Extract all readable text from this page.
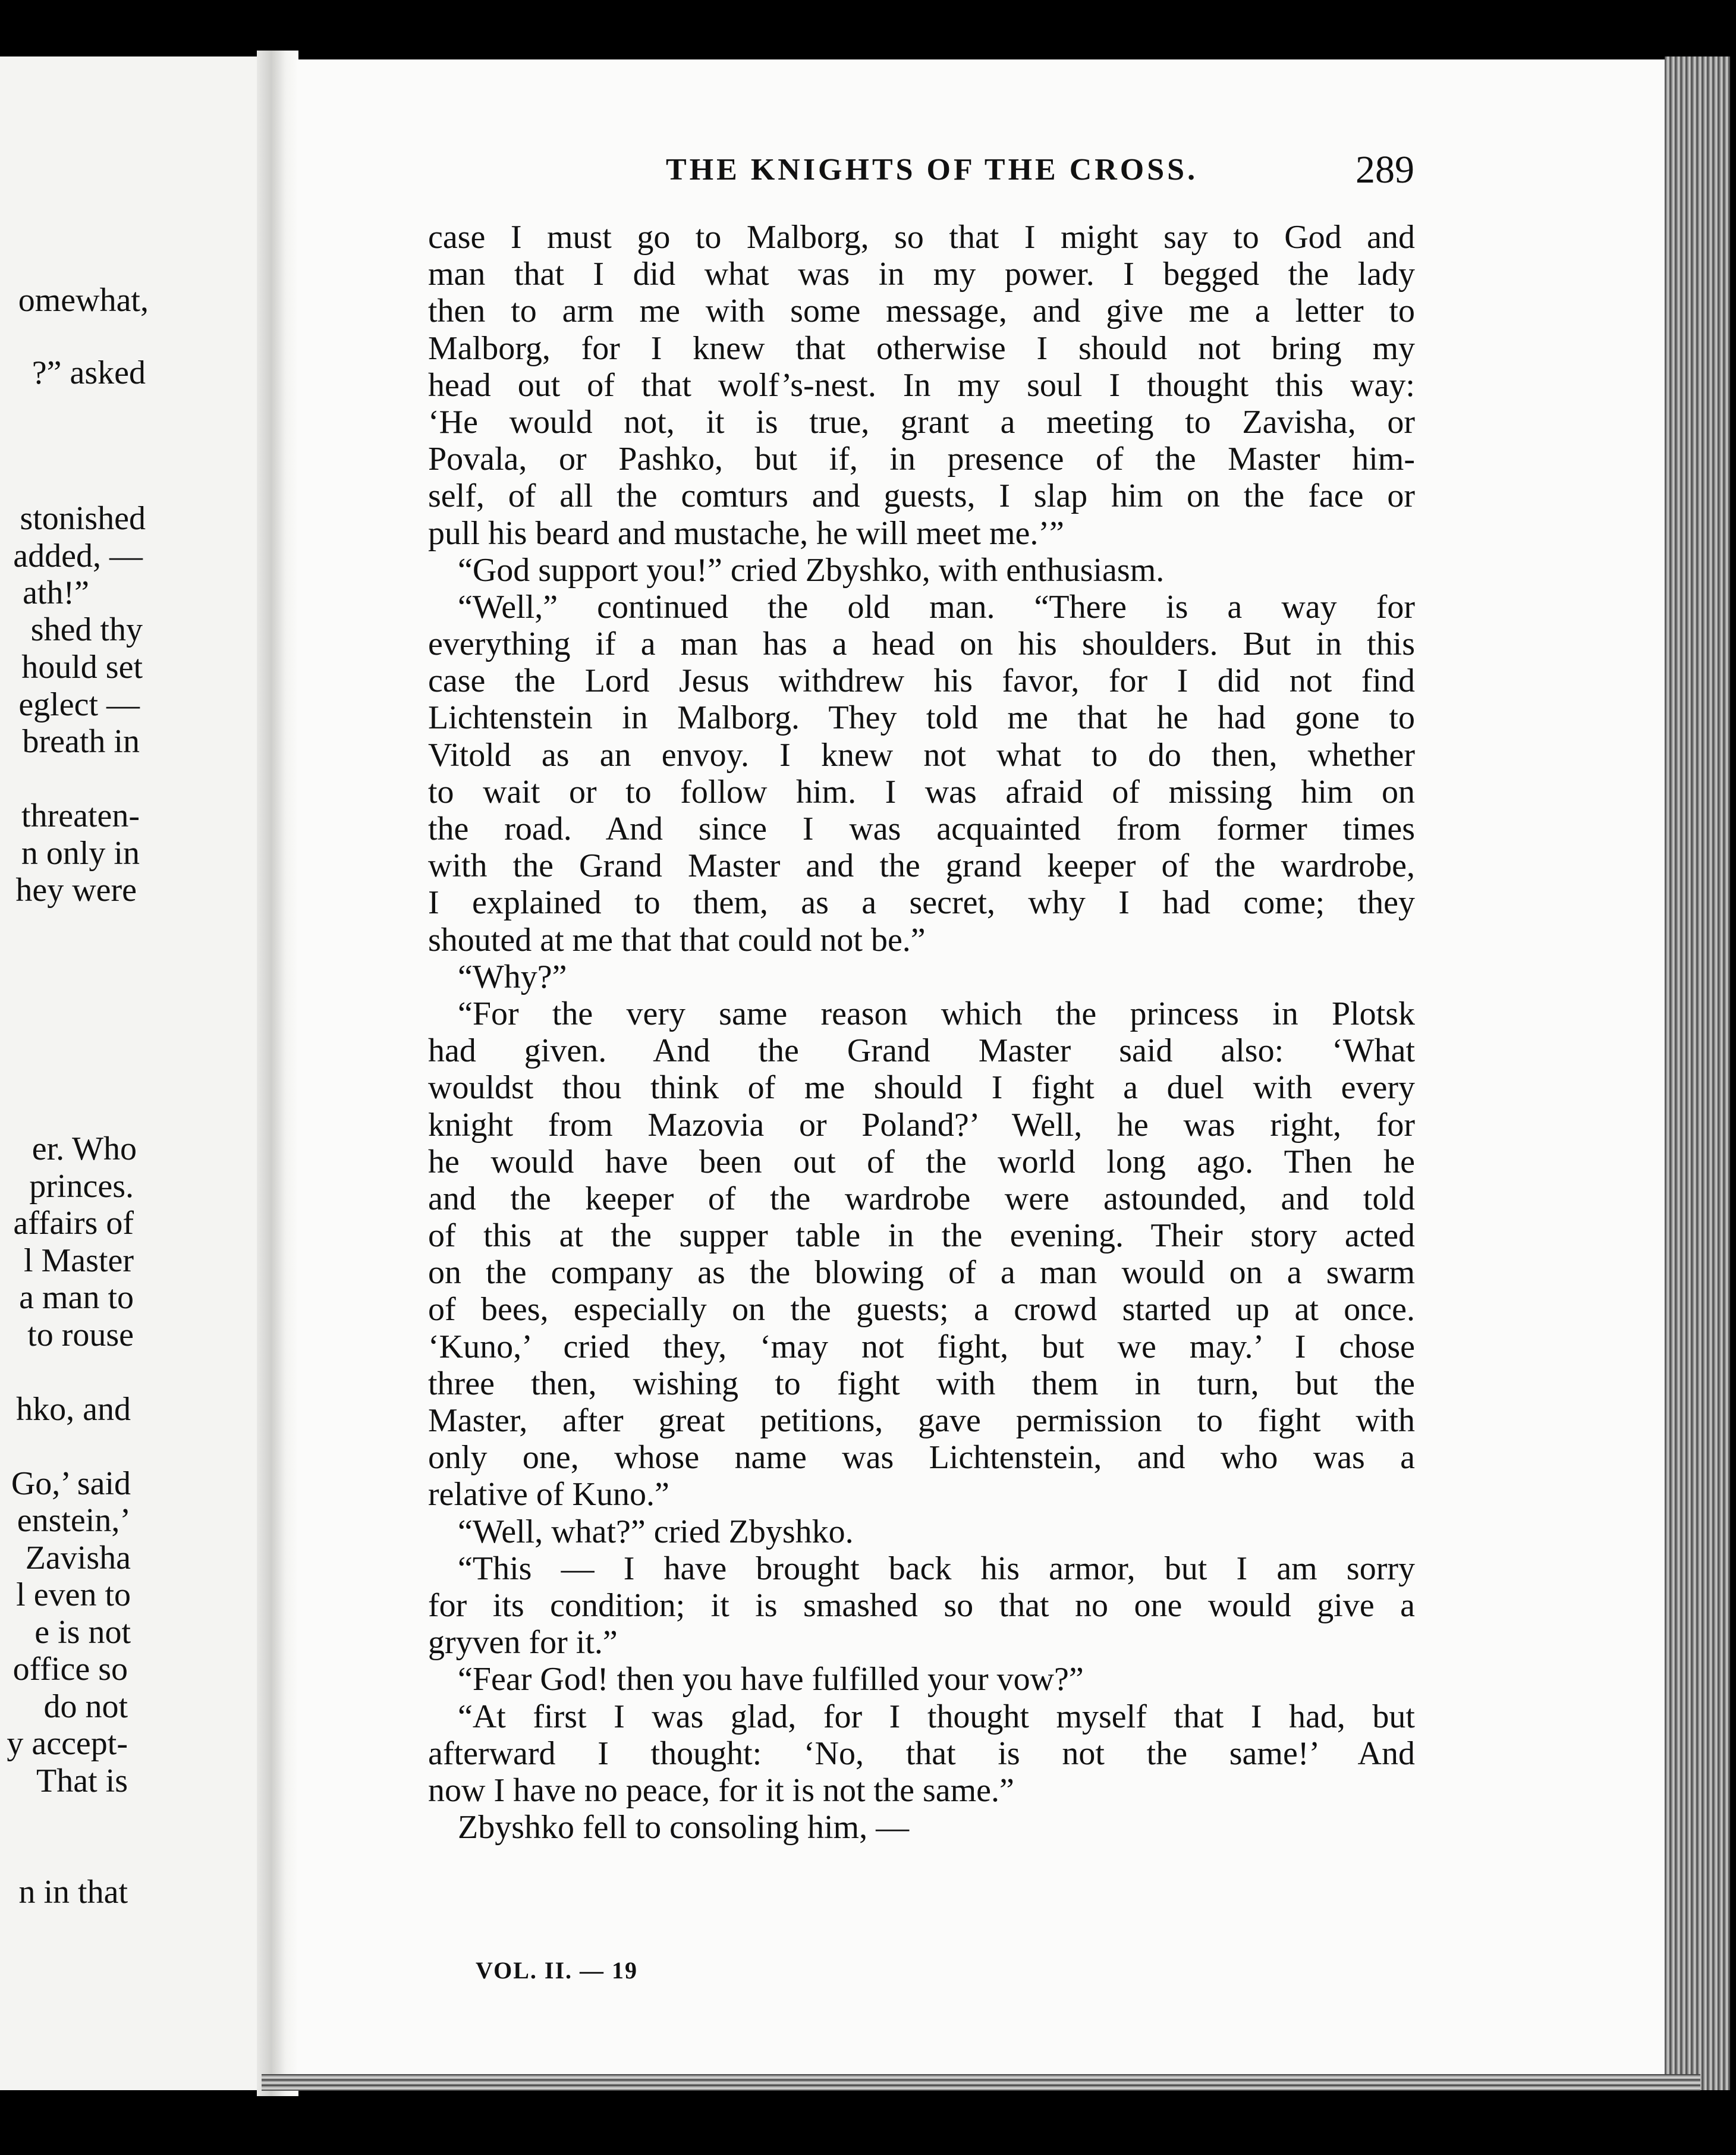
omewhat,
?” asked
stonished
added, —
ath!”
shed thy
hould set
eglect —
breath in
threaten-
n only in
hey were
er. Who
princes.
affairs of
l Master
a man to
to rouse
hko, and
Go,’ said
enstein,’
Zavisha
l even to
e is not
office so
do not
y accept-
That is
n in that
THE KNIGHTS OF THE CROSS.	289
case I must go to Malborg, so that I might say to God and
man that I did what was in my power. I begged the lady
then to arm me with some message, and give me a letter to
Malborg, for I knew that otherwise I should not bring my
head out of that wolf’s-nest. In my soul I thought this way:
‘He would not, it is true, grant a meeting to Zavisha, or
Povala, or Pashko, but if, in presence of the Master him-
self, of all the comturs and guests, I slap him on the face or
pull his beard and mustache, he will meet me.’”
“God support you!” cried Zbyshko, with enthusiasm.
“Well,” continued the old man. “There is a way for
everything if a man has a head on his shoulders. But in this
case the Lord Jesus withdrew his favor, for I did not find
Lichtenstein in Malborg. They told me that he had gone to
Vitold as an envoy. I knew not what to do then, whether
to wait or to follow him. I was afraid of missing him on
the road. And since I was acquainted from former times
with the Grand Master and the grand keeper of the wardrobe,
I explained to them, as a secret, why I had come; they
shouted at me that that could not be.”
“Why?”
“For the very same reason which the princess in Plotsk
had given. And the Grand Master said also: ‘What
wouldst thou think of me should I fight a duel with every
knight from Mazovia or Poland?’ Well, he was right, for
he would have been out of the world long ago. Then he
and the keeper of the wardrobe were astounded, and told
of this at the supper table in the evening. Their story acted
on the company as the blowing of a man would on a swarm
of bees, especially on the guests; a crowd started up at once.
‘Kuno,’ cried they, ‘may not fight, but we may.’ I chose
three then, wishing to fight with them in turn, but the
Master, after great petitions, gave permission to fight with
only one, whose name was Lichtenstein, and who was a
relative of Kuno.”
“Well, what?” cried Zbyshko.
“This — I have brought back his armor, but I am sorry
for its condition; it is smashed so that no one would give a
gryven for it.”
“Fear God! then you have fulfilled your vow?”
“At first I was glad, for I thought myself that I had, but
afterward I thought: ‘No, that is not the same!’ And
now I have no peace, for it is not the same.”
Zbyshko fell to consoling him, —
VOL. II. — 19
